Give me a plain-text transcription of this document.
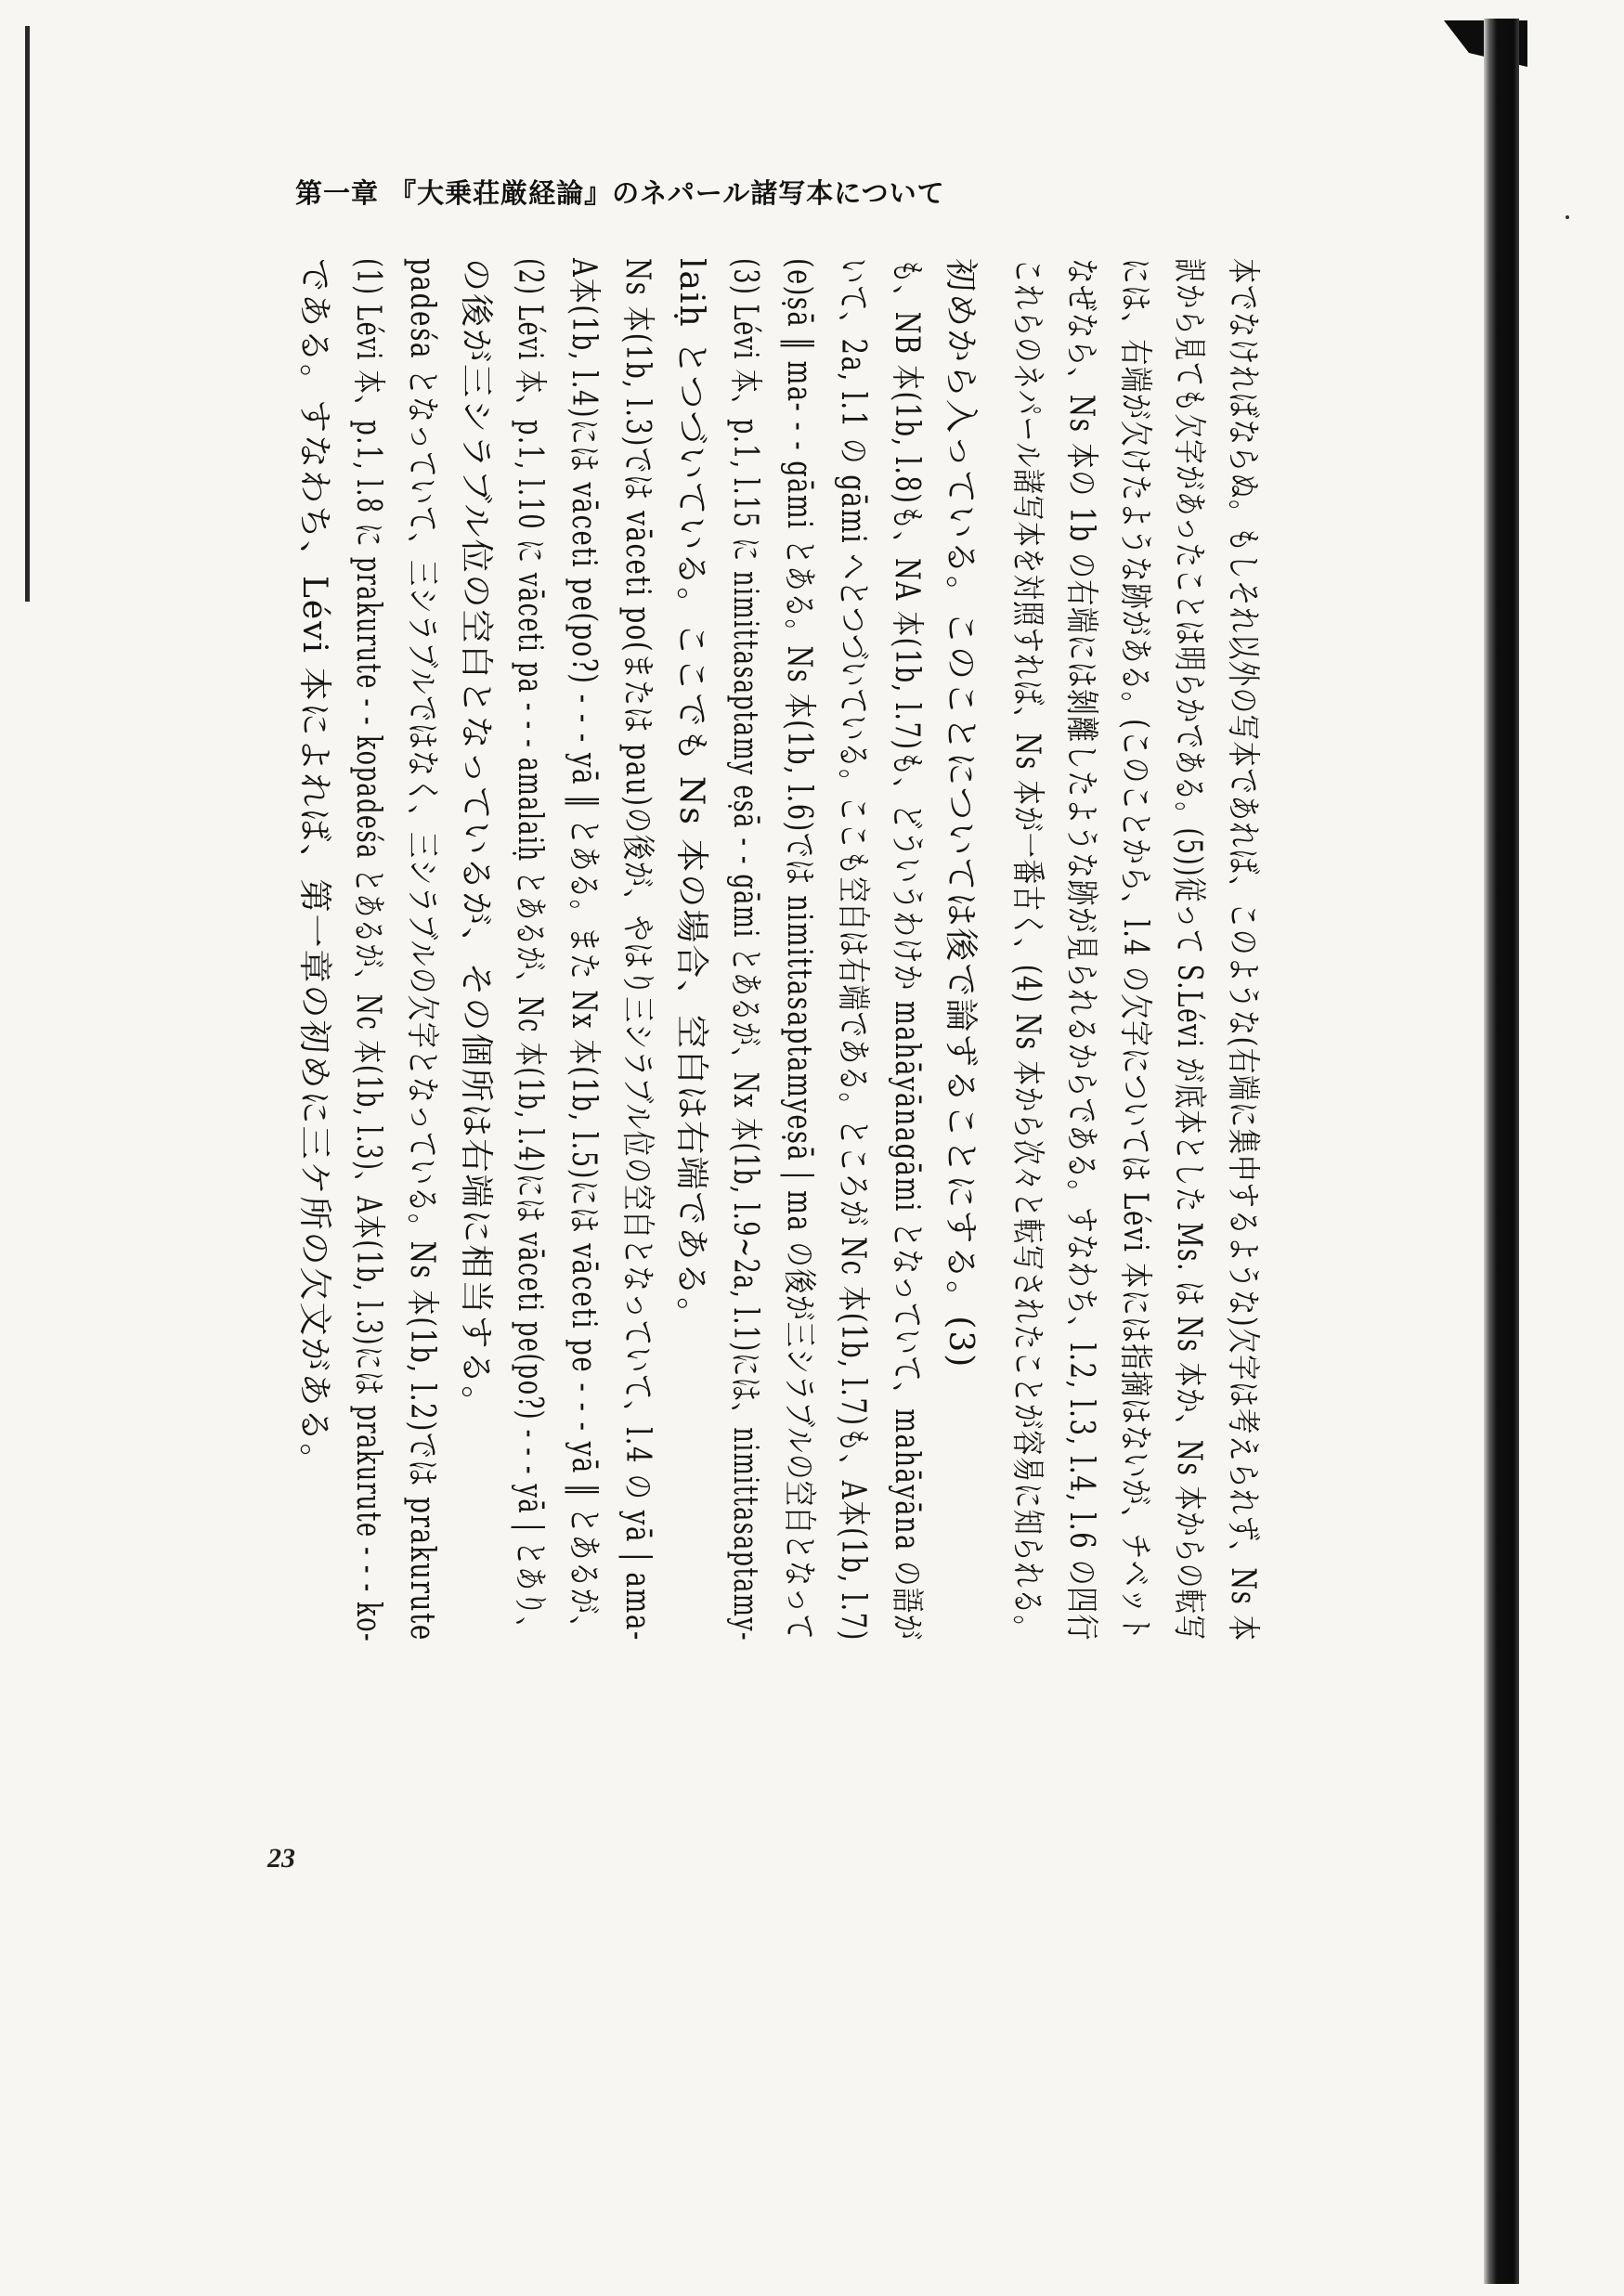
第一章 『大乗荘厳経論』のネパール諸写本について
である。すなわち、Lévi 本によれば、第一章の初めに三ケ所の欠文がある。 (1) Lévi 本、p.1, l.8 に prakurute - - kopadeśa とあるが、Nc 本(1b, l.3)、A本(1b, l.3)には prakurute - - - ko- padeśa となっていて、三シラブルではなく、三シラブルの欠字となっている。Ns 本(1b, l.2)では prakurute の後が三シラブル位の空白となっているが、その個所は右端に相当する。 (2) Lévi 本、p.1, l.10 に vāceti pa - - - amalaiḥ とあるが、Nc 本(1b, l.4)には vāceti pe(po?) - - - yā | とあり、 A本(1b, l.4)には vāceti pe(po?) - - - yā ‖ とある。また Nx 本(1b, l.5)には vāceti pe - - - yā ‖ とあるが、 Ns 本(1b, l.3)では vāceti po(または pau)の後が、やはり三シラブル位の空白となっていて、l.4 の yā | ama- laiḥ とつづいている。ここでも Ns 本の場合、空白は右端である。 (3) Lévi 本、p.1, l.15 に nimittasaptamy eṣā - - gāmi とあるが、Nx 本(1b, l.9~2a, l.1)には、nimittasaptamy- (e)ṣā ‖ ma- - - gāmi とある。Ns 本(1b, l.6)では nimittasaptamyeṣā | ma の後が三シラブルの空白となって いて、2a, l.1 の gāmi へとつづいている。ここも空白は右端である。ところが Nc 本(1b, l.7)も、A本(1b, l.7) も、NB 本(1b, l.8)も、NA 本(1b, l.7)も、どういうわけか mahāyānagāmi となっていて、mahāyāna の語が 初めから入っている。このことについては後で論ずることにする。(3) これらのネパール諸写本を対照すれば、Ns 本が一番古く、(4) Ns 本から次々と転写されたことが容易に知られる。 なぜなら、Ns 本の 1b の右端には剝離したような跡が見られるからである。すなわち、l.2, l.3, l.4, l.6 の四行 には、右端が欠けたような跡がある。(このことから、l.4 の欠字については Lévi 本には指摘はないが、チベット 訳から見ても欠字があったことは明らかである。(5))従って S.Lévi が底本とした Ms. は Ns 本か、Ns 本からの転写 本でなければならぬ。もしそれ以外の写本であれば、このような(右端に集中するような)欠字は考えられず、Ns 本
23
